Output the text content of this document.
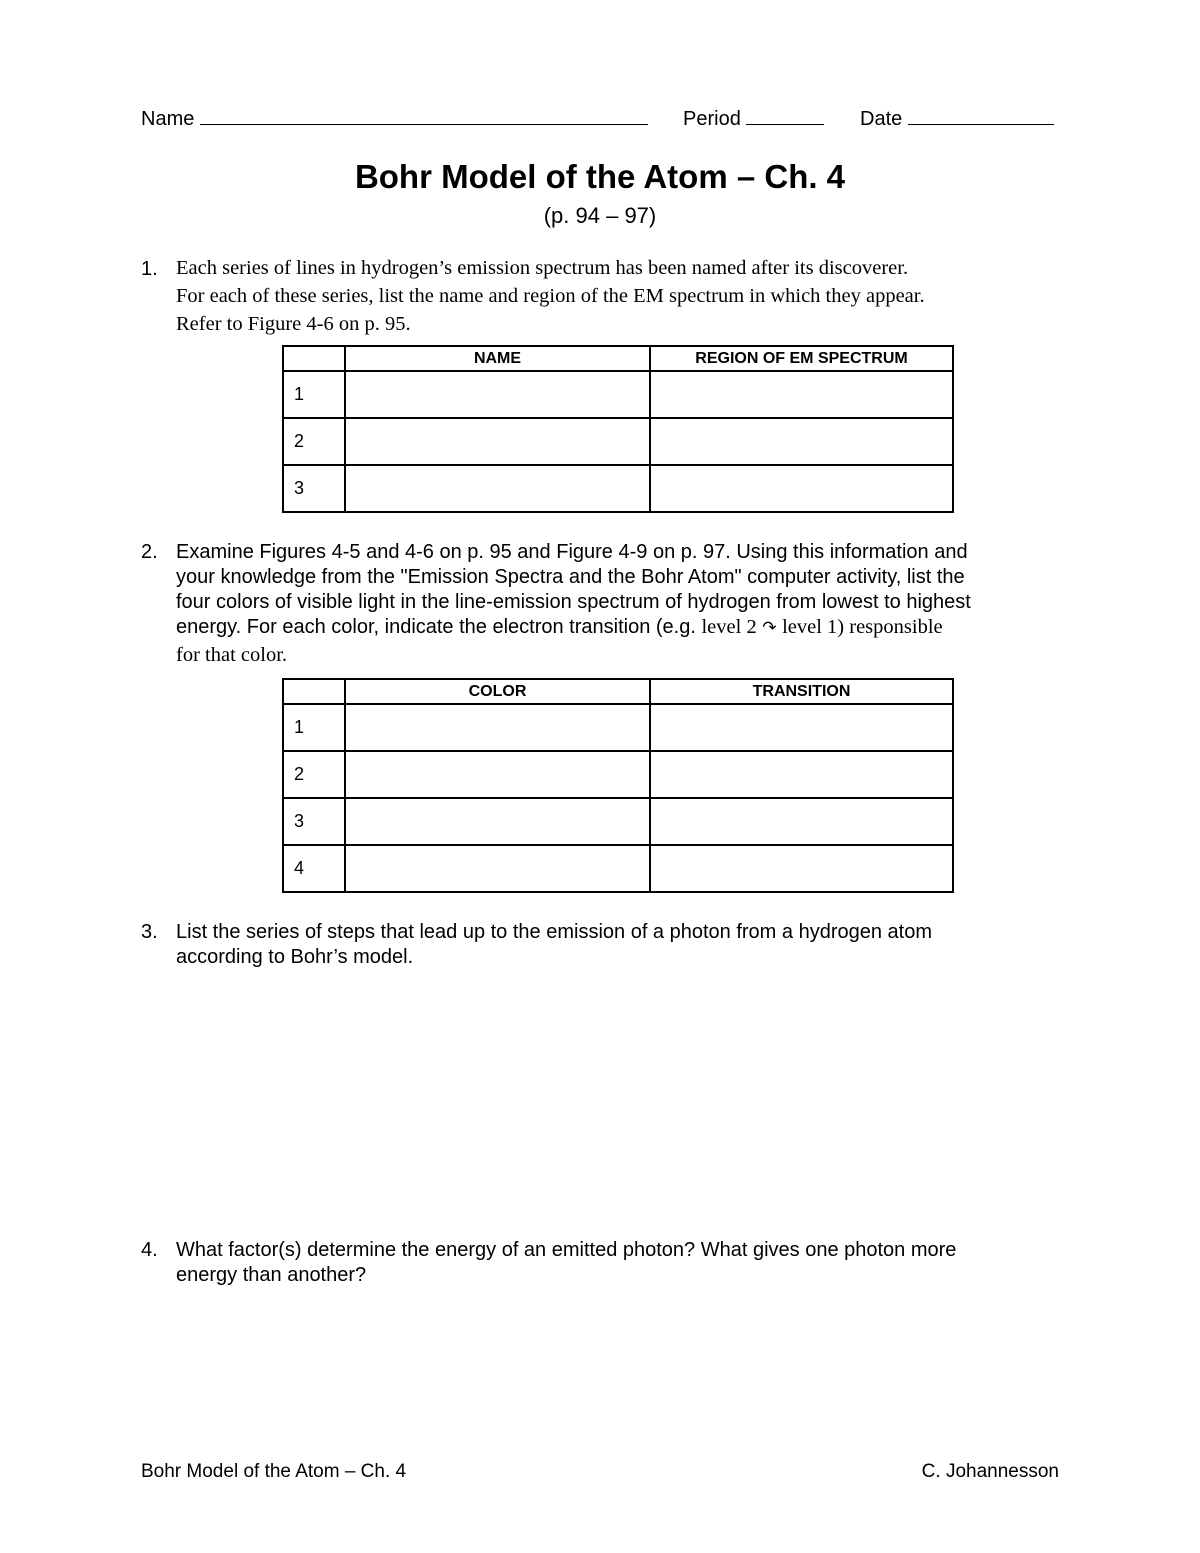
Name	Period	Date
Bohr Model of the Atom – Ch. 4
(p. 94 – 97)
1. Each series of lines in hydrogen’s emission spectrum has been named after its discoverer.
For each of these series, list the name and region of the EM spectrum in which they appear.
Refer to Figure 4-6 on p. 95.
	NAME	REGION OF EM SPECTRUM
1		
2		
3		
2. Examine Figures 4-5 and 4-6 on p. 95 and Figure 4-9 on p. 97. Using this information and
your knowledge from the "Emission Spectra and the Bohr Atom" computer activity, list the
four colors of visible light in the line-emission spectrum of hydrogen from lowest to highest
energy. For each color, indicate the electron transition (e.g. level 2 ↷ level 1) responsible
for that color.
	COLOR	TRANSITION
1		
2		
3		
4		
3. List the series of steps that lead up to the emission of a photon from a hydrogen atom
according to Bohr’s model.
4. What factor(s) determine the energy of an emitted photon? What gives one photon more
energy than another?
Bohr Model of the Atom – Ch. 4	C. Johannesson
